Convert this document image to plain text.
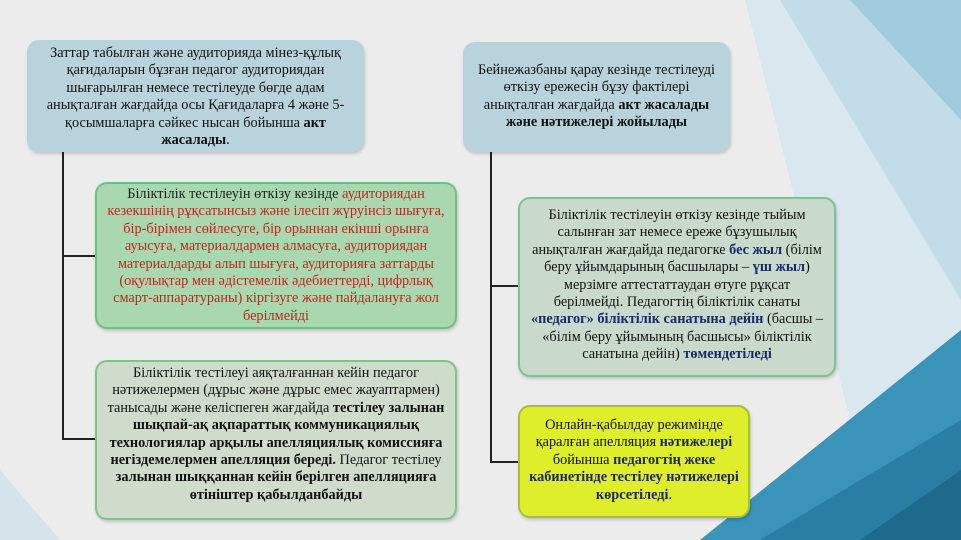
Заттар табылған және аудиторияда мінез-құлық қағидаларын бұзған педагог аудиториядан шығарылған немесе тестілеуде бөгде адам анықталған жағдайда осы Қағидаларға 4 және 5-қосымшаларға сәйкес нысан бойынша акт жасалады.
Біліктілік тестілеуін өткізу кезінде аудиториядан кезекшінің рұқсатынсыз және ілесіп жүруінсіз шығуға, бір-бірімен сөйлесуге, бір орыннан екінші орынға ауысуға, материалдармен алмасуға, аудиториядан материалдарды алып шығуға, аудиторияға заттарды (оқулықтар мен әдістемелік әдебиеттерді, цифрлық смарт-аппаратураны) кіргізуге және пайдалануға жол берілмейді
Біліктілік тестілеуі аяқталғаннан кейін педагог нәтижелермен (дұрыс және дұрыс емес жауаптармен) танысады және келіспеген жағдайда тестілеу залынан шықпай-ақ ақпараттық коммуникациялық технологиялар арқылы апелляциялық комиссияға негіздемелермен апелляция береді. Педагог тестілеу залынан шыққаннан кейін берілген апелляцияға өтініштер қабылданбайды
Бейнежазбаны қарау кезінде тестілеуді өткізу ережесін бұзу фактілері анықталған жағдайда акт жасалады және нәтижелері жойылады
Біліктілік тестілеуін өткізу кезінде тыйым салынған зат немесе ереже бұзушылық анықталған жағдайда педагогке бес жыл (білім беру ұйымдарының басшылары – үш жыл) мерзімге аттестаттаудан өтуге рұқсат берілмейді. Педагогтің біліктілік санаты «педагог» біліктілік санатына дейін (басшы – «білім беру ұйымының басшысы» біліктілік санатына дейін) төмендетіледі
Онлайн-қабылдау режимінде қаралған апелляция нәтижелері бойынша педагогтің жеке кабинетінде тестілеу нәтижелері көрсетіледі.
